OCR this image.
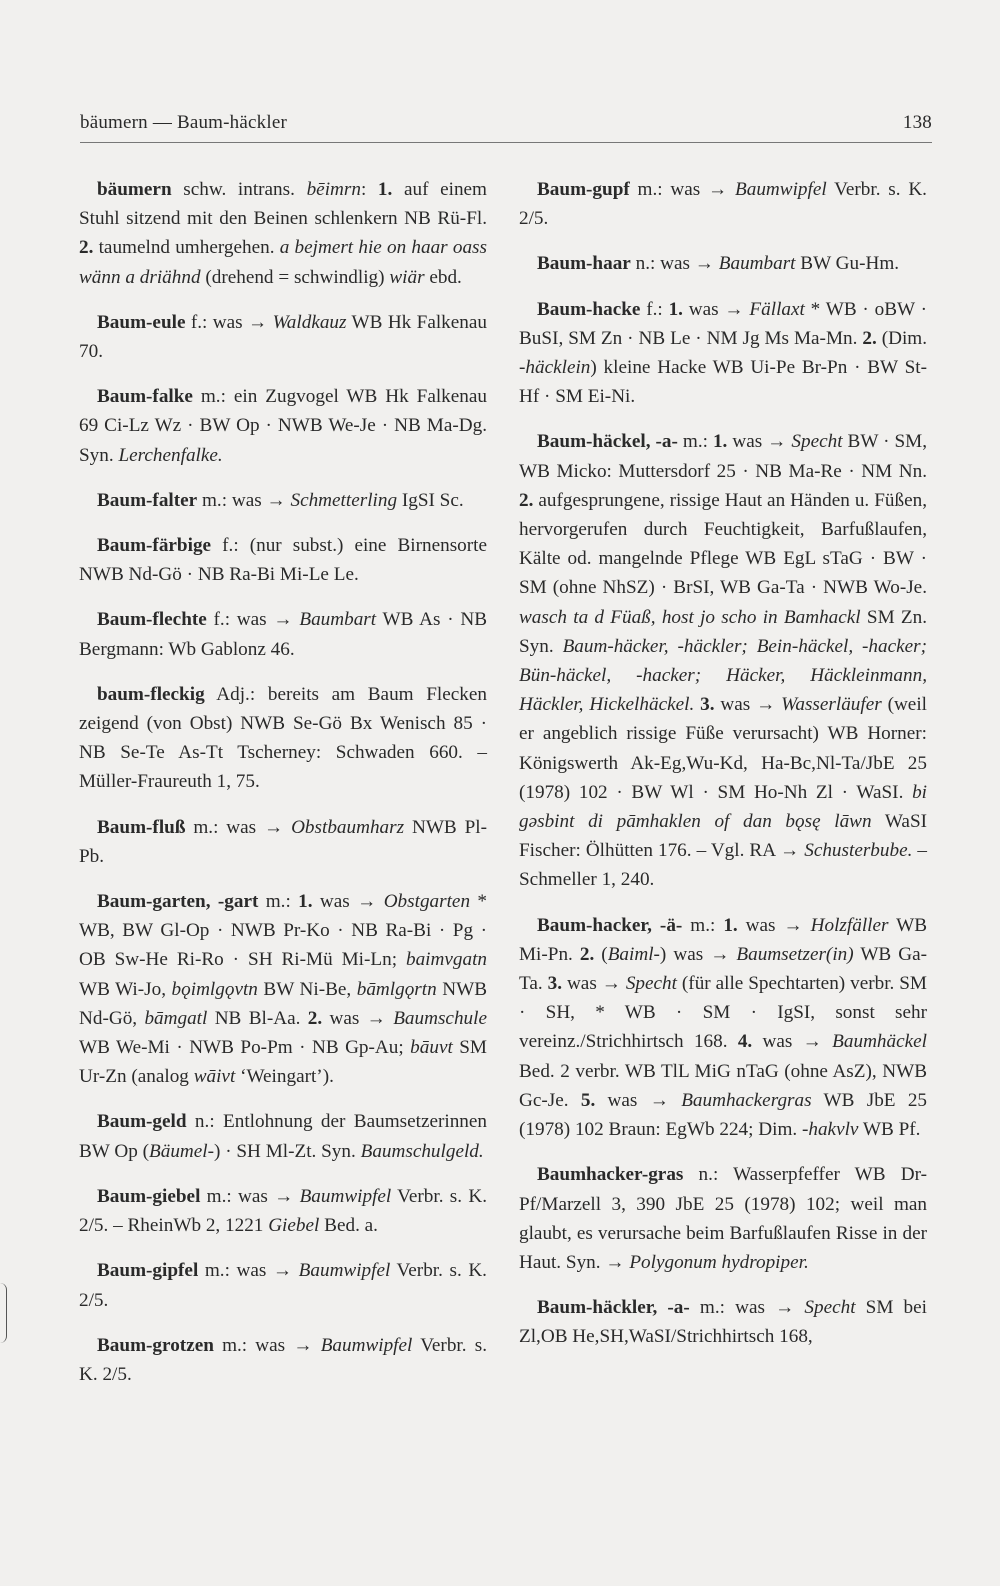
bäumern — Baum-häckler	138

bäumern schw. intrans. bēimrn: 1. auf einem Stuhl sitzend mit den Beinen schlenkern NB Rü-Fl. 2. taumelnd umhergehen. a bejmert hie on haar oass wänn a driähnd (drehend = schwindlig) wiär ebd.

Baum-eule f.: was → Waldkauz WB Hk Falkenau 70.

Baum-falke m.: ein Zugvogel WB Hk Falkenau 69 Ci-Lz Wz · BW Op · NWB We-Je · NB Ma-Dg. Syn. Lerchenfalke.

Baum-falter m.: was → Schmetterling IgSI Sc.

Baum-färbige f.: (nur subst.) eine Birnensorte NWB Nd-Gö · NB Ra-Bi Mi-Le Le.

Baum-flechte f.: was → Baumbart WB As · NB Bergmann: Wb Gablonz 46.

baum-fleckig Adj.: bereits am Baum Flecken zeigend (von Obst) NWB Se-Gö Bx Wenisch 85 · NB Se-Te As-Tt Tscherney: Schwaden 660. – Müller-Fraureuth 1, 75.

Baum-fluß m.: was → Obstbaumharz NWB Pl-Pb.

Baum-garten, -gart m.: 1. was → Obstgarten * WB, BW Gl-Op · NWB Pr-Ko · NB Ra-Bi · Pg · OB Sw-He Ri-Ro · SH Ri-Mü Mi-Ln; baimvgatn WB Wi-Jo, bǫimlgǫvtn BW Ni-Be, bāmlgǫrtn NWB Nd-Gö, bāmgatl NB Bl-Aa. 2. was → Baumschule WB We-Mi · NWB Po-Pm · NB Gp-Au; bāuvt SM Ur-Zn (analog wāivt ‘Weingart’).

Baum-geld n.: Entlohnung der Baumsetzerinnen BW Op (Bäumel-) · SH Ml-Zt. Syn. Baumschulgeld.

Baum-giebel m.: was → Baumwipfel Verbr. s. K. 2/5. – RheinWb 2, 1221 Giebel Bed. a.

Baum-gipfel m.: was → Baumwipfel Verbr. s. K. 2/5.

Baum-grotzen m.: was → Baumwipfel Verbr. s. K. 2/5.

Baum-gupf m.: was → Baumwipfel Verbr. s. K. 2/5.

Baum-haar n.: was → Baumbart BW Gu-Hm.

Baum-hacke f.: 1. was → Fällaxt * WB · oBW · BuSI, SM Zn · NB Le · NM Jg Ms Ma-Mn. 2. (Dim. -häcklein) kleine Hacke WB Ui-Pe Br-Pn · BW St-Hf · SM Ei-Ni.

Baum-häckel, -a- m.: 1. was → Specht BW · SM, WB Micko: Muttersdorf 25 · NB Ma-Re · NM Nn. 2. aufgesprungene, rissige Haut an Händen u. Füßen, hervorgerufen durch Feuchtigkeit, Barfußlaufen, Kälte od. mangelnde Pflege WB EgL sTaG · BW · SM (ohne NhSZ) · BrSI, WB Ga-Ta · NWB Wo-Je. wasch ta d Füaß, host jo scho in Bamhackl SM Zn. Syn. Baum-häcker, -häckler; Bein-häckel, -hacker; Bün-häckel, -hacker; Häcker, Häckleinmann, Häckler, Hickelhäckel. 3. was → Wasserläufer (weil er angeblich rissige Füße verursacht) WB Horner: Königswerth Ak-Eg,Wu-Kd, Ha-Bc,Nl-Ta/JbE 25 (1978) 102 · BW Wl · SM Ho-Nh Zl · WaSI. bi gəsbint di pāmhaklen of dan bǫsę lāwn WaSI Fischer: Ölhütten 176. – Vgl. RA → Schusterbube. – Schmeller 1, 240.

Baum-hacker, -ä- m.: 1. was → Holzfäller WB Mi-Pn. 2. (Baiml-) was → Baumsetzer(in) WB Ga-Ta. 3. was → Specht (für alle Spechtarten) verbr. SM · SH, * WB · SM · IgSI, sonst sehr vereinz./Strichhirtsch 168. 4. was → Baumhäckel Bed. 2 verbr. WB TlL MiG nTaG (ohne AsZ), NWB Gc-Je. 5. was → Baumhackergras WB JbE 25 (1978) 102 Braun: EgWb 224; Dim. -hakvlv WB Pf.

Baumhacker-gras n.: Wasserpfeffer WB Dr-Pf/Marzell 3, 390 JbE 25 (1978) 102; weil man glaubt, es verursache beim Barfußlaufen Risse in der Haut. Syn. → Polygonum hydropiper.

Baum-häckler, -a- m.: was → Specht SM bei Zl,OB He,SH,WaSI/Strichhirtsch 168,
